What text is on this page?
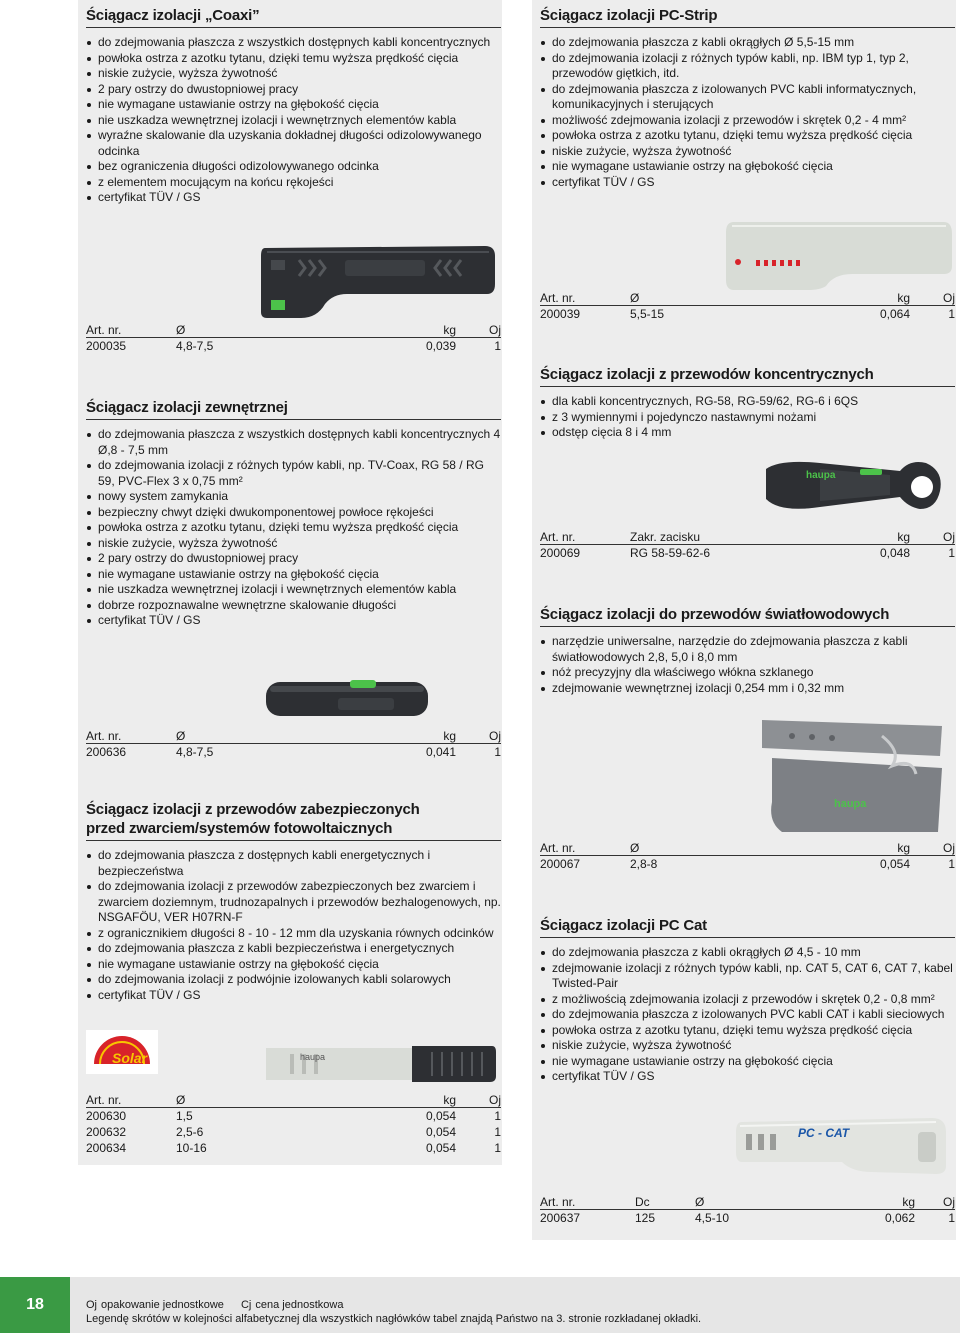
Ściągacz izolacji „Coaxi”
do zdejmowania płaszcza z wszystkich dostępnych kabli koncentrycznych
powłoka ostrza z azotku tytanu, dzięki temu wyższa prędkość cięcia
niskie zużycie, wyższa żywotność
2 pary ostrzy do dwustopniowej pracy
nie wymagane ustawianie ostrzy na głębokość cięcia
nie uszkadza wewnętrznej izolacji i wewnętrznych elementów kabla
wyraźne skalowanie dla uzyskania dokładnej długości odizolowywanego odcinka
bez ograniczenia długości odizolowywanego odcinka
z elementem mocującym na końcu rękojeści
certyfikat TÜV / GS
Art. nr.	Ø	kg	Oj
200035	4,8-7,5	0,039	1
Ściągacz izolacji zewnętrznej
do zdejmowania płaszcza z wszystkich dostępnych kabli koncentrycznych 4 Ø,8 - 7,5 mm
do zdejmowania izolacji z różnych typów kabli, np. TV-Coax, RG 58 / RG 59, PVC-Flex 3 x 0,75 mm²
nowy system zamykania
bezpieczny chwyt dzięki dwukomponentowej powłoce rękojeści
powłoka ostrza z azotku tytanu, dzięki temu wyższa prędkość cięcia
niskie zużycie, wyższa żywotność
2 pary ostrzy do dwustopniowej pracy
nie wymagane ustawianie ostrzy na głębokość cięcia
nie uszkadza wewnętrznej izolacji i wewnętrznych elementów kabla
dobrze rozpoznawalne wewnętrzne skalowanie długości
certyfikat TÜV / GS
Art. nr.	Ø	kg	Oj
200636	4,8-7,5	0,041	1
Ściągacz izolacji z przewodów zabezpieczonych
przed zwarciem/systemów fotowoltaicznych
do zdejmowania płaszcza z dostępnych kabli energetycznych i bezpieczeństwa
do zdejmowania izolacji z przewodów zabezpieczonych bez zwarciem i zwarciem doziemnym, trudnozapalnych i przewodów bezhalogenowych, np. NSGAFÖU, VER H07RN-F
z ogranicznikiem długości 8 - 10 - 12 mm dla uzyskania równych odcinków
do zdejmowania płaszcza z kabli bezpieczeństwa i energetycznych
nie wymagane ustawianie ostrzy na głębokość cięcia
do zdejmowania izolacji z podwójnie izolowanych kabli solarowych
certyfikat TÜV / GS
Solar	haupa
Art. nr.	Ø	kg	Oj
200630	1,5	0,054	1
200632	2,5-6	0,054	1
200634	10-16	0,054	1
Ściągacz izolacji PC-Strip
do zdejmowania płaszcza z kabli okrągłych Ø 5,5-15 mm
do zdejmowania izolacji z różnych typów kabli, np. IBM typ 1, typ 2, przewodów giętkich, itd.
do zdejmowania płaszcza z izolowanych PVC kabli informatycznych, komunikacyjnych i sterujących
możliwość zdejmowania izolacji z przewodów i skrętek 0,2 - 4 mm²
powłoka ostrza z azotku tytanu, dzięki temu wyższa prędkość cięcia
niskie zużycie, wyższa żywotność
nie wymagane ustawianie ostrzy na głębokość cięcia
certyfikat TÜV / GS
Art. nr.	Ø	kg	Oj
200039	5,5-15	0,064	1
Ściągacz izolacji z przewodów koncentrycznych
dla kabli koncentrycznych, RG-58, RG-59/62, RG-6 i 6QS
z 3 wymiennymi i pojedynczo nastawnymi nożami
odstęp cięcia 8 i 4 mm
haupa
Art. nr.	Zakr. zacisku	kg	Oj
200069	RG 58-59-62-6	0,048	1
Ściągacz izolacji do przewodów światłowodowych
narzędzie uniwersalne, narzędzie do zdejmowania płaszcza z kabli światłowodowych 2,8, 5,0 i 8,0 mm
nóż precyzyjny dla właściwego włókna szklanego
zdejmowanie wewnętrznej izolacji 0,254 mm i 0,32 mm
haupa
Art. nr.	Ø	kg	Oj
200067	2,8-8	0,054	1
Ściągacz izolacji PC Cat
do zdejmowania płaszcza z kabli okrągłych Ø 4,5 - 10 mm
zdejmowanie izolacji z różnych typów kabli, np. CAT 5, CAT 6, CAT 7, kabel Twisted-Pair
z możliwością zdejmowania izolacji z przewodów i skrętek 0,2 - 0,8 mm²
do zdejmowania płaszcza z izolowanych PVC kabli CAT i kabli sieciowych
powłoka ostrza z azotku tytanu, dzięki temu wyższa prędkość cięcia
niskie zużycie, wyższa żywotność
nie wymagane ustawianie ostrzy na głębokość cięcia
certyfikat TÜV / GS
PC - CAT
Art. nr.	Dc	Ø	kg	Oj
200637	125	4,5-10	0,062	1
18	Oj opakowanie jednostkowe Cj cena jednostkowa
Legendę skrótów w kolejności alfabetycznej dla wszystkich nagłówków tabel znajdą Państwo na 3. stronie rozkładanej okładki.
